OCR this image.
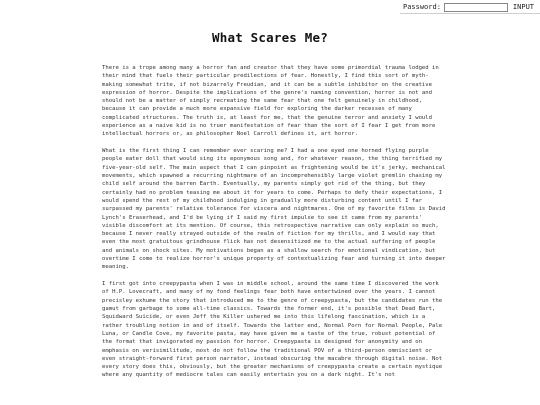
Password:	INPUT
What Scares Me?

There is a trope among many a horror fan and creator that they have some primordial trauma lodged in their mind that fuels their particular predilections of fear. Honestly, I find this sort of myth-making somewhat trite, if not bizarrely Freudian, and it can be a subtle inhibitor on the creative expression of horror. Despite the implications of the genre's naming convention, horror is not and should not be a matter of simply recreating the same fear that one felt genuinely in childhood, because it can provide a much more expansive field for exploring the darker recesses of many complicated structures. The truth is, at least for me, that the genuine terror and anxiety I would experience as a naive kid is no truer manifestation of fear than the sort of I fear I get from more intellectual horrors or, as philosopher Noel Carroll defines it, art horror.

What is the first thing I can remember ever scaring me? I had a one eyed one horned flying purple people eater doll that would sing its eponymous song and, for whatever reason, the thing terrified my five-year-old self. The main aspect that I can pinpoint as frightening would be it's jerky, mechanical movements, which spawned a recurring nightmare of an incomprehensibly large violet gremlin chasing my child self around the barren Earth. Eventually, my parents simply got rid of the thing, but they certainly had no problem teasing me about it for years to come. Perhaps to defy their expectations, I would spend the rest of my childhood indulging in gradually more disturbing content until I far surpassed my parents' relative tolerance for viscera and nightmares. One of my favorite films is David Lynch's Eraserhead, and I'd be lying if I said my first impulse to see it came from my parents' visible discomfort at its mention. Of course, this retrospective narrative can only explain so much, because I never really strayed outside of the realm of fiction for my thrills, and I would say that even the most gratuitous grindhouse flick has not desensitized me to the actual suffering of people and animals on shock sites. My motivations began as a shallow search for emotional vindication, but overtime I come to realize horror's unique property of contextualizing fear and turning it into deeper meaning.

I first got into creepypasta when I was in middle school, around the same time I discovered the work of H.P. Lovecraft, and many of my fond feelings fear both have entertwined over the years. I cannot precisley exhume the story that introduced me to the genre of creepypasta, but the candidates run the gamut from garbage to some all-time classics. Towards the former end, it's possible that Dead Bart, Squidward Suicide, or even Jeff the Killer ushered me into this lifelong fascination, which is a rather troubling notion in and of itself. Towards the latter end, Normal Porn for Normal People, Pale Luna, or Candle Cove, my favorite pasta, may have given me a taste of the true, robust potential of the format that invigorated my passion for horror. Creepypasta is designed for anonymity and on emphasis on verisimilitude, most do not follow the traditional POV of a third-person omniscient or even straight-forward first person narrator, instead obscuring the macabre through digital noise. Not every story does this, obviously, but the greater mechanisms of creepypasta create a certain mystique where any quantity of mediocre tales can easily entertain you on a dark night. It's not
